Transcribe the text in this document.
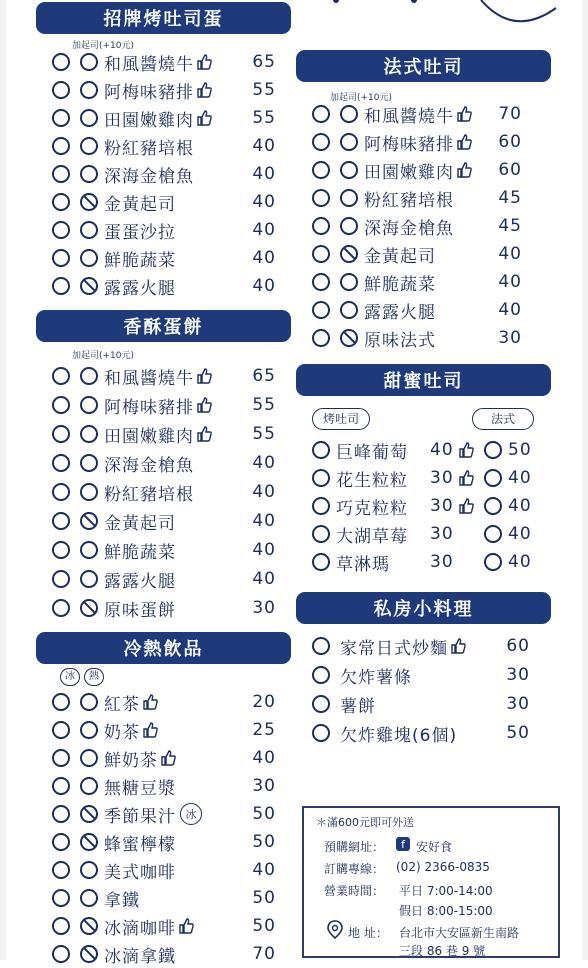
＊滿600元即可外送
預購網址：	f 安好食
訂購專線： (02) 2366-0835
營業時間： 平日 7:00-14:00
假日 8:00-15:00
地 址： 台北市大安區新生南路
三段 86 巷 9 號
招牌烤吐司蛋
加起司(+10元)
和風醬燒牛	65
阿梅味豬排	55
田園嫩雞肉	55
粉紅豬培根	40
深海金槍魚	40
金黃起司	40
蛋蛋沙拉	40
鮮脆蔬菜	40
露露火腿	40
香酥蛋餅
加起司(+10元)
和風醬燒牛	65
阿梅味豬排	55
田園嫩雞肉	55
深海金槍魚	40
粉紅豬培根	40
金黃起司	40
鮮脆蔬菜	40
露露火腿	40
原味蛋餅	30
冷熱飲品
冰	熱
紅茶	20
奶茶	25
鮮奶茶	40
無糖豆漿	30
季節果汁 冰	50
蜂蜜檸檬	50
美式咖啡	40
拿鐵	50
冰滴咖啡	50
冰滴拿鐵	70
法式吐司
加起司(+10元)
和風醬燒牛	70
阿梅味豬排	60
田園嫩雞肉	60
粉紅豬培根	45
深海金槍魚	45
金黃起司	40
鮮脆蔬菜	40
露露火腿	40
原味法式	30
甜蜜吐司
烤吐司	法式
巨峰葡萄 40	50
花生粒粒 30	40
巧克粒粒 30	40
大湖草莓 30	40
草淋瑪 30	40
私房小料理
家常日式炒麵	60
欠炸薯條	30
薯餅	30
欠炸雞塊(6個)	50
